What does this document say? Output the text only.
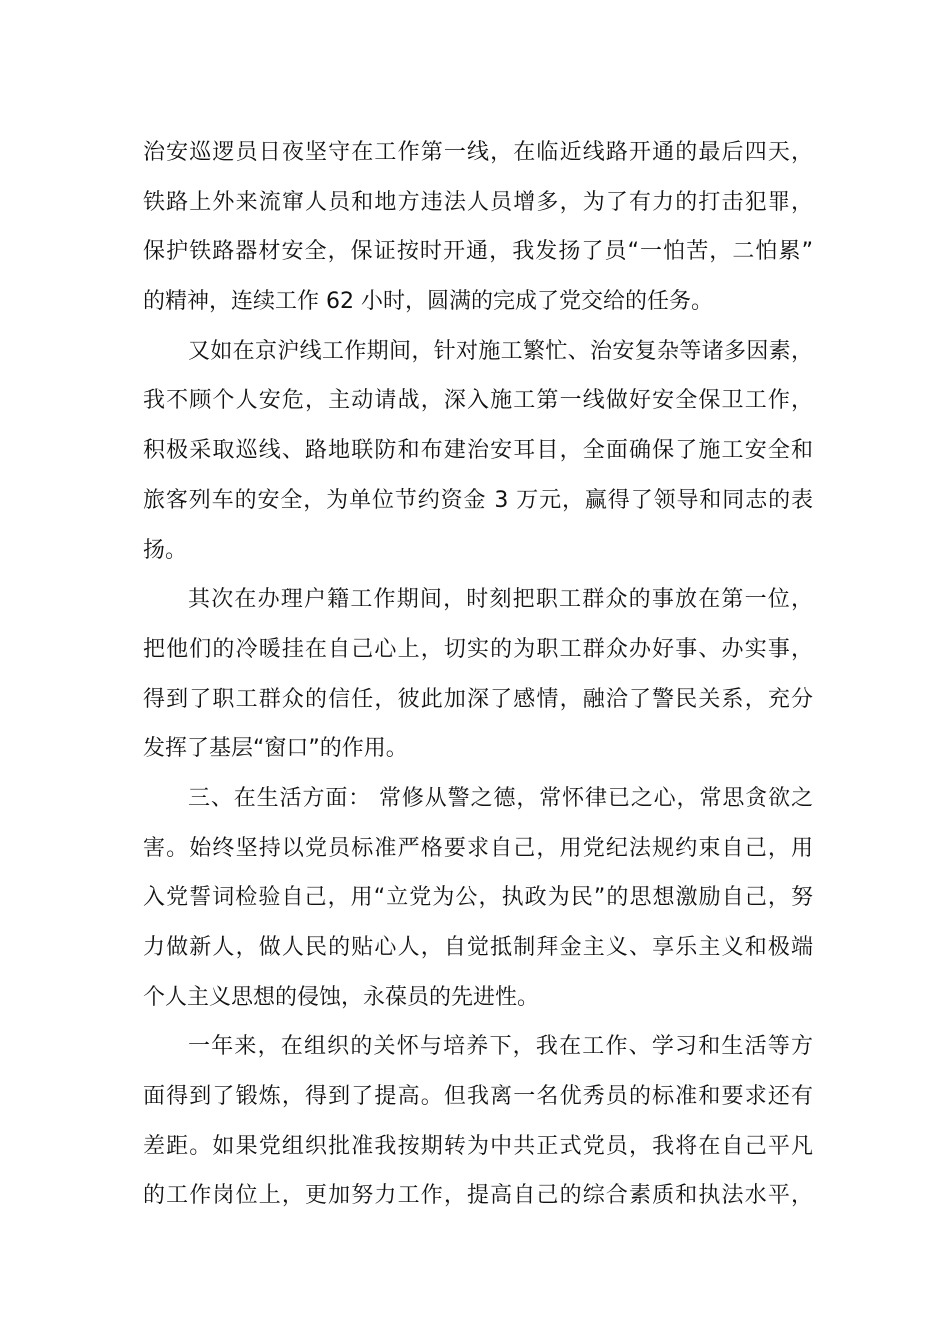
治安巡逻员日夜坚守在工作第一线，在临近线路开通的最后四天，
铁路上外来流窜人员和地方违法人员增多，为了有力的打击犯罪，
保护铁路器材安全，保证按时开通，我发扬了员“一怕苦，二怕累”
的精神，连续工作 62 小时，圆满的完成了党交给的任务。
又如在京沪线工作期间，针对施工繁忙、治安复杂等诸多因素，
我不顾个人安危，主动请战，深入施工第一线做好安全保卫工作，
积极采取巡线、路地联防和布建治安耳目，全面确保了施工安全和
旅客列车的安全，为单位节约资金 3 万元，赢得了领导和同志的表
扬。
其次在办理户籍工作期间，时刻把职工群众的事放在第一位，
把他们的冷暖挂在自己心上，切实的为职工群众办好事、办实事，
得到了职工群众的信任，彼此加深了感情，融洽了警民关系，充分
发挥了基层“窗口”的作用。
三、在生活方面： 常修从警之德，常怀律已之心，常思贪欲之
害。始终坚持以党员标准严格要求自己，用党纪法规约束自己，用
入党誓词检验自己，用“立党为公，执政为民”的思想激励自己，努
力做新人，做人民的贴心人，自觉抵制拜金主义、享乐主义和极端
个人主义思想的侵蚀，永葆员的先进性。
一年来，在组织的关怀与培养下，我在工作、学习和生活等方
面得到了锻炼，得到了提高。但我离一名优秀员的标准和要求还有
差距。如果党组织批准我按期转为中共正式党员，我将在自己平凡
的工作岗位上，更加努力工作，提高自己的综合素质和执法水平，
